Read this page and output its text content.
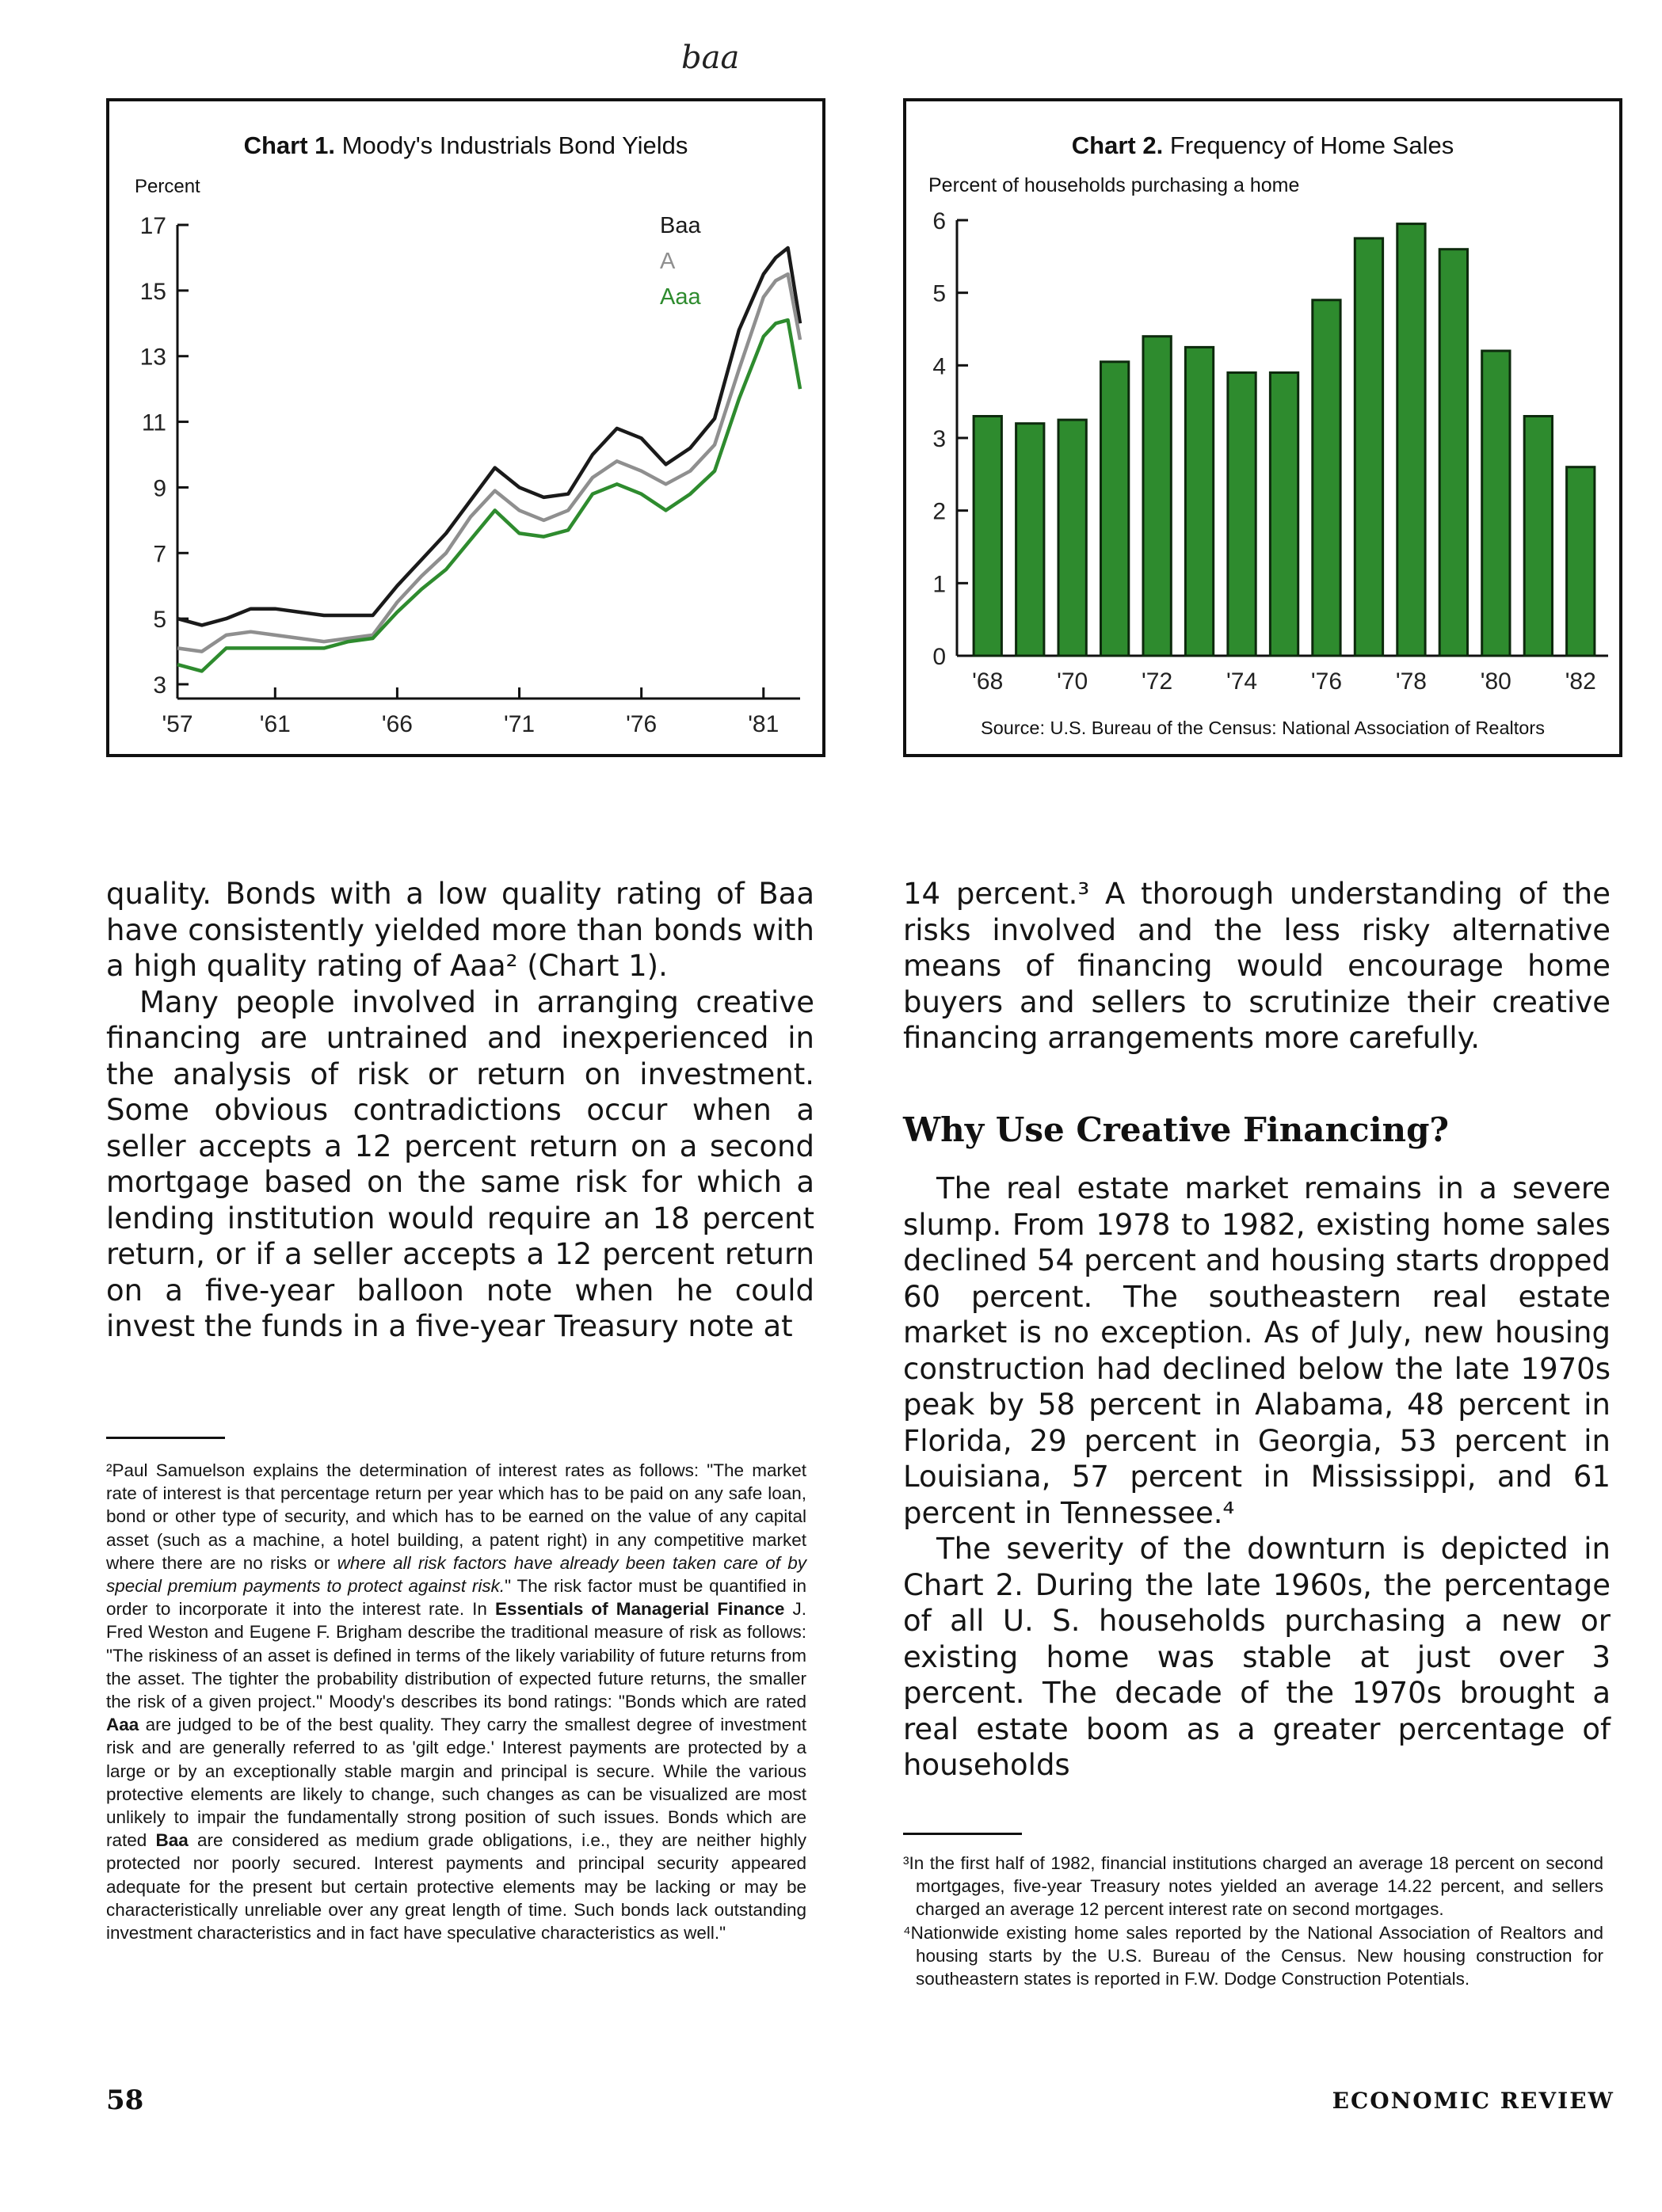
baa
Chart 1. Moody's Industrials Bond Yields
Percent
3
5
7
9
11
13
15
17
'57	'61	'66	'71	'76	'81
Baa
A
Aaa
Chart 2. Frequency of Home Sales
Percent of households purchasing a home
0
1
2
3
4
5
6
'68 '70 '72 '74 '76 '78 '80 '82
Source: U.S. Bureau of the Census: National Association of Realtors

quality. Bonds with a low quality rating of Baa have consistently yielded more than bonds with a high quality rating of Aaa² (Chart 1).

Many people involved in arranging creative financing are untrained and inexperienced in the analysis of risk or return on investment. Some obvious contradictions occur when a seller accepts a 12 percent return on a second mortgage based on the same risk for which a lending institution would require an 18 percent return, or if a seller accepts a 12 percent return on a five-year balloon note when he could invest the funds in a five-year Treasury note at

²Paul Samuelson explains the determination of interest rates as follows: "The market rate of interest is that percentage return per year which has to be paid on any safe loan, bond or other type of security, and which has to be earned on the value of any capital asset (such as a machine, a hotel building, a patent right) in any competitive market where there are no risks or where all risk factors have already been taken care of by special premium payments to protect against risk." The risk factor must be quantified in order to incorporate it into the interest rate. In Essentials of Managerial Finance J. Fred Weston and Eugene F. Brigham describe the traditional measure of risk as follows: "The riskiness of an asset is defined in terms of the likely variability of future returns from the asset. The tighter the probability distribution of expected future returns, the smaller the risk of a given project." Moody's describes its bond ratings: "Bonds which are rated Aaa are judged to be of the best quality. They carry the smallest degree of investment risk and are generally referred to as 'gilt edge.' Interest payments are protected by a large or by an exceptionally stable margin and principal is secure. While the various protective elements are likely to change, such changes as can be visualized are most unlikely to impair the fundamentally strong position of such issues. Bonds which are rated Baa are considered as medium grade obligations, i.e., they are neither highly protected nor poorly secured. Interest payments and principal security appeared adequate for the present but certain protective elements may be lacking or may be characteristically unreliable over any great length of time. Such bonds lack outstanding investment characteristics and in fact have speculative characteristics as well."

14 percent.³ A thorough understanding of the risks involved and the less risky alternative means of financing would encourage home buyers and sellers to scrutinize their creative financing arrangements more carefully.

Why Use Creative Financing?

The real estate market remains in a severe slump. From 1978 to 1982, existing home sales declined 54 percent and housing starts dropped 60 percent. The southeastern real estate market is no exception. As of July, new housing construction had declined below the late 1970s peak by 58 percent in Alabama, 48 percent in Florida, 29 percent in Georgia, 53 percent in Louisiana, 57 percent in Mississippi, and 61 percent in Tennessee.⁴

The severity of the downturn is depicted in Chart 2. During the late 1960s, the percentage of all U. S. households purchasing a new or existing home was stable at just over 3 percent. The decade of the 1970s brought a real estate boom as a greater percentage of households

³In the first half of 1982, financial institutions charged an average 18 percent on second mortgages, five-year Treasury notes yielded an average 14.22 percent, and sellers charged an average 12 percent interest rate on second mortgages.

⁴Nationwide existing home sales reported by the National Association of Realtors and housing starts by the U.S. Bureau of the Census. New housing construction for southeastern states is reported in F.W. Dodge Construction Potentials.

58	ECONOMIC REVIEW
